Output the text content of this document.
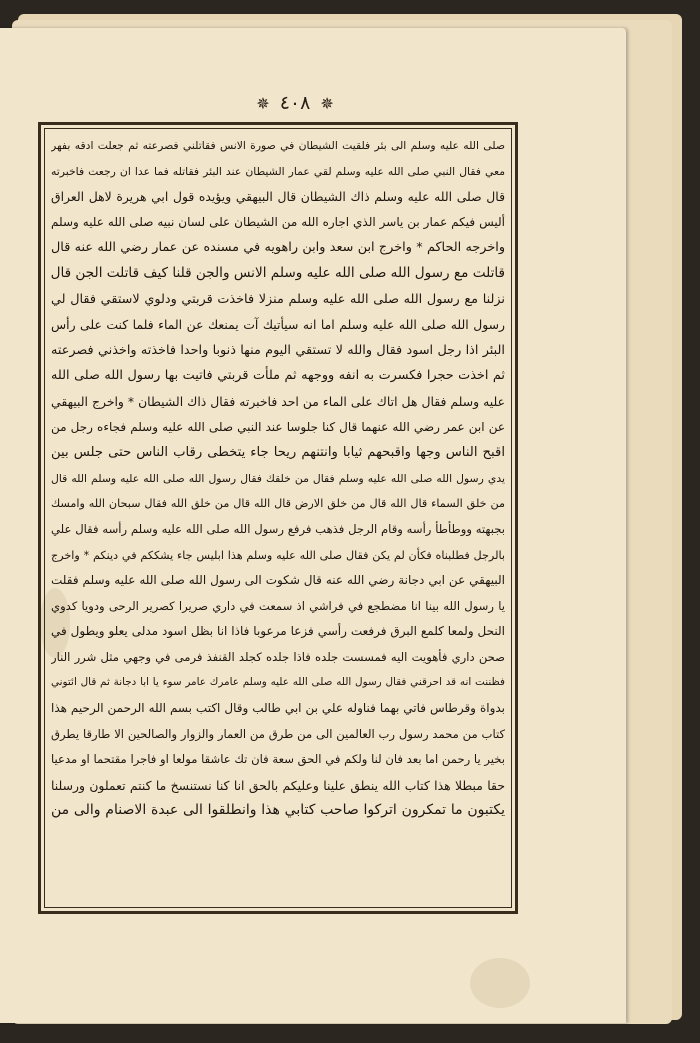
✵ ٤٠٨ ✵
صلى الله عليه وسلم الى بئر فلقيت الشيطان في صورة الانس فقاتلني فصرعته ثم جعلت ادقه بفهر
معي فقال النبي صلى الله عليه وسلم لقي عمار الشيطان عند البئر فقاتله فما عدا ان رجعت فاخبرته
قال صلى الله عليه وسلم ذاك الشيطان قال البيهقي ويؤيده قول ابي هريرة لاهل العراق
أليس فيكم عمار بن ياسر الذي اجاره الله من الشيطان على لسان نبيه صلى الله عليه وسلم
واخرجه الحاكم * واخرج ابن سعد وابن راهويه في مسنده عن عمار رضي الله عنه قال
قاتلت مع رسول الله صلى الله عليه وسلم الانس والجن قلنا كيف قاتلت الجن قال
نزلنا مع رسول الله صلى الله عليه وسلم منزلا فاخذت قربتي ودلوي لاستقي فقال لي
رسول الله صلى الله عليه وسلم اما انه سيأتيك آت يمنعك عن الماء فلما كنت على رأس
البئر اذا رجل اسود فقال والله لا تستقي اليوم منها ذنوبا واحدا فاخذته واخذني فصرعته
ثم اخذت حجرا فكسرت به انفه ووجهه ثم ملأت قربتي فاتيت بها رسول الله صلى الله
عليه وسلم فقال هل اتاك على الماء من احد فاخبرته فقال ذاك الشيطان * واخرج البيهقي
عن ابن عمر رضي الله عنهما قال كنا جلوسا عند النبي صلى الله عليه وسلم فجاءه رجل من
اقبح الناس وجها واقبحهم ثيابا وانتنهم ريحا جاء يتخطى رقاب الناس حتى جلس بين
يدي رسول الله صلى الله عليه وسلم فقال من خلقك فقال رسول الله صلى الله عليه وسلم الله قال
من خلق السماء قال الله قال من خلق الارض قال الله قال من خلق الله فقال سبحان الله وامسك
بجبهته ووطأطأ رأسه وقام الرجل فذهب فرفع رسول الله صلى الله عليه وسلم رأسه فقال علي
بالرجل فطلبناه فكأن لم يكن فقال صلى الله عليه وسلم هذا ابليس جاء يشككم في دينكم * واخرج
البيهقي عن ابي دجانة رضي الله عنه قال شكوت الى رسول الله صلى الله عليه وسلم فقلت
يا رسول الله بينا انا مضطجع في فراشي اذ سمعت في داري صريرا كصرير الرحى ودويا كدوي
النحل ولمعا كلمع البرق فرفعت رأسي فزعا مرعوبا فاذا انا بظل اسود مدلى يعلو ويطول في
صحن داري فأهويت اليه فمسست جلده فاذا جلده كجلد القنفذ فرمى في وجهي مثل شرر النار
فظننت انه قد احرقني فقال رسول الله صلى الله عليه وسلم عامرك عامر سوء يا ابا دجانة ثم قال ائتوني
بدواة وقرطاس فاتي بهما فناوله علي بن ابي طالب وقال اكتب بسم الله الرحمن الرحيم هذا
كتاب من محمد رسول رب العالمين الى من طرق من العمار والزوار والصالحين الا طارقا يطرق
بخير يا رحمن اما بعد فان لنا ولكم في الحق سعة فان تك عاشقا مولعا او فاجرا مقتحما او مدعيا
حقا مبطلا هذا كتاب الله ينطق علينا وعليكم بالحق انا كنا نستنسخ ما كنتم تعملون ورسلنا
يكتبون ما تمكرون اتركوا صاحب كتابي هذا وانطلقوا الى عبدة الاصنام والى من
